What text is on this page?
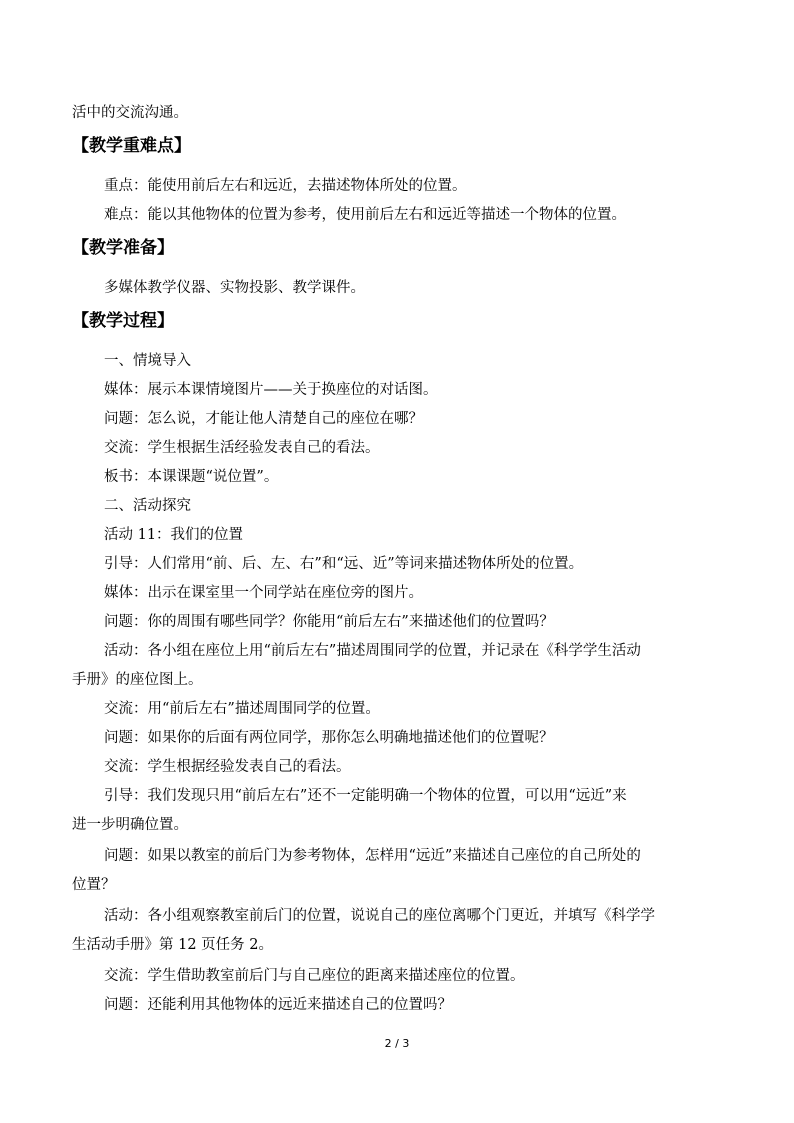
活中的交流沟通。
【教学重难点】
重点：能使用前后左右和远近，去描述物体所处的位置。
难点：能以其他物体的位置为参考，使用前后左右和远近等描述一个物体的位置。
【教学准备】
多媒体教学仪器、实物投影、教学课件。
【教学过程】
一、情境导入
媒体：展示本课情境图片——关于换座位的对话图。
问题：怎么说，才能让他人清楚自己的座位在哪？
交流：学生根据生活经验发表自己的看法。
板书：本课课题“说位置”。
二、活动探究
活动 11：我们的位置
引导：人们常用“前、后、左、右”和“远、近”等词来描述物体所处的位置。
媒体：出示在课室里一个同学站在座位旁的图片。
问题：你的周围有哪些同学？你能用“前后左右”来描述他们的位置吗？
活动：各小组在座位上用“前后左右”描述周围同学的位置，并记录在《科学学生活动
手册》的座位图上。
交流：用“前后左右”描述周围同学的位置。
问题：如果你的后面有两位同学，那你怎么明确地描述他们的位置呢？
交流：学生根据经验发表自己的看法。
引导：我们发现只用“前后左右”还不一定能明确一个物体的位置，可以用“远近”来
进一步明确位置。
问题：如果以教室的前后门为参考物体，怎样用“远近”来描述自己座位的自己所处的
位置？
活动：各小组观察教室前后门的位置，说说自己的座位离哪个门更近，并填写《科学学
生活动手册》第 12 页任务 2。
交流：学生借助教室前后门与自己座位的距离来描述座位的位置。
问题：还能利用其他物体的远近来描述自己的位置吗？
2 / 3
